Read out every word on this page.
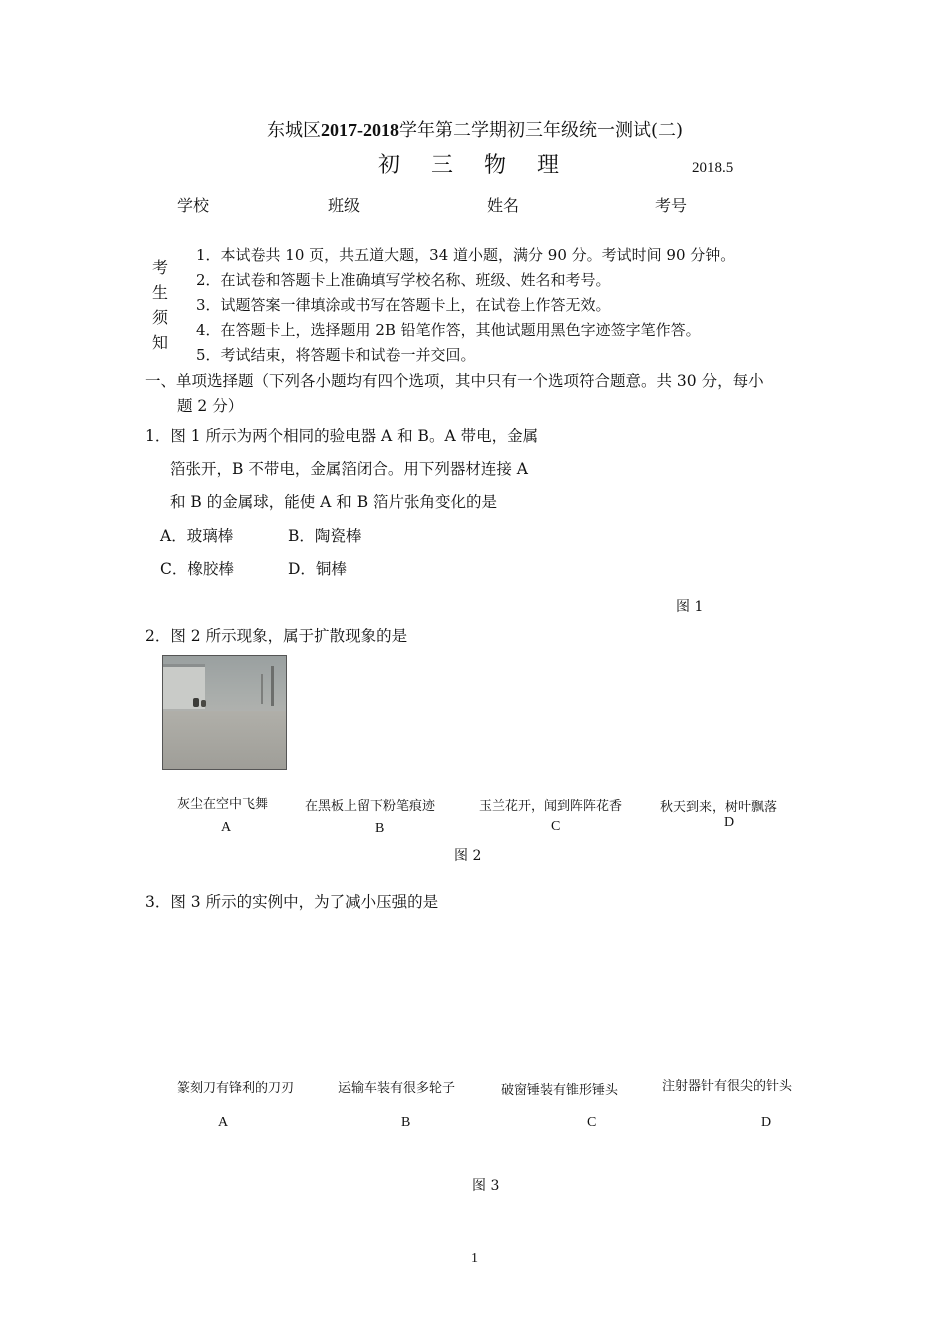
东城区2017-2018学年第二学期初三年级统一测试(二)
初 三 物 理	2018.5
学校	班级	姓名	考号
考
生
须
知
1．本试卷共 10 页，共五道大题，34 道小题，满分 90 分。考试时间 90 分钟。
2．在试卷和答题卡上准确填写学校名称、班级、姓名和考号。
3．试题答案一律填涂或书写在答题卡上，在试卷上作答无效。
4．在答题卡上，选择题用 2B 铅笔作答，其他试题用黑色字迹签字笔作答。
5．考试结束，将答题卡和试卷一并交回。
一、单项选择题（下列各小题均有四个选项，其中只有一个选项符合题意。共 30 分，每小
题 2 分）
1．图 1 所示为两个相同的验电器 A 和 B。A 带电，金属
箔张开，B 不带电，金属箔闭合。用下列器材连接 A
和 B 的金属球，能使 A 和 B 箔片张角变化的是
A．玻璃棒	B．陶瓷棒
C．橡胶棒	D．铜棒
图 1
2．图 2 所示现象，属于扩散现象的是
灰尘在空中飞舞	在黑板上留下粉笔痕迹	玉兰花开，闻到阵阵花香	秋天到来，树叶飘落
A	B	C	D
图 2
3．图 3 所示的实例中，为了减小压强的是
篆刻刀有锋利的刀刃	运输车装有很多轮子	破窗锤装有锥形锤头	注射器针有很尖的针头
A	B	C	D
图 3
1
